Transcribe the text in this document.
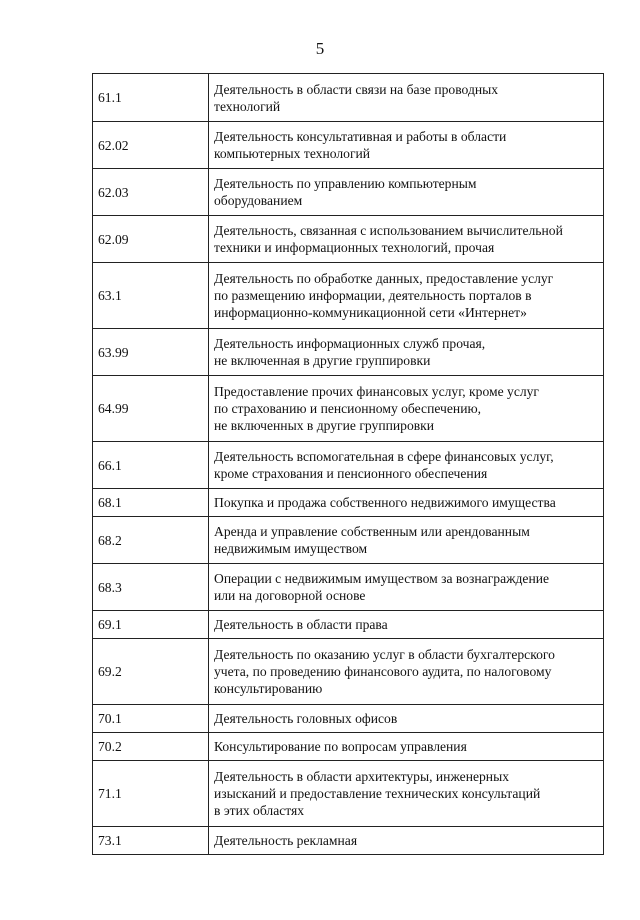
5
61.1	Деятельность в области связи на базе проводных
технологий

62.02	Деятельность консультативная и работы в области
компьютерных технологий

62.03	Деятельность по управлению компьютерным
оборудованием

62.09	Деятельность, связанная с использованием вычислительной
техники и информационных технологий, прочая

63.1	Деятельность по обработке данных, предоставление услуг
по размещению информации, деятельность порталов в
информационно-коммуникационной сети «Интернет»

63.99	Деятельность информационных служб прочая,
не включенная в другие группировки

64.99	Предоставление прочих финансовых услуг, кроме услуг
по страхованию и пенсионному обеспечению,
не включенных в другие группировки

66.1	Деятельность вспомогательная в сфере финансовых услуг,
кроме страхования и пенсионного обеспечения

68.1	Покупка и продажа собственного недвижимого имущества

68.2	Аренда и управление собственным или арендованным
недвижимым имуществом

68.3	Операции с недвижимым имуществом за вознаграждение
или на договорной основе

69.1	Деятельность в области права

69.2	Деятельность по оказанию услуг в области бухгалтерского
учета, по проведению финансового аудита, по налоговому
консультированию

70.1	Деятельность головных офисов

70.2	Консультирование по вопросам управления

71.1	Деятельность в области архитектуры, инженерных
изысканий и предоставление технических консультаций
в этих областях

73.1	Деятельность рекламная
